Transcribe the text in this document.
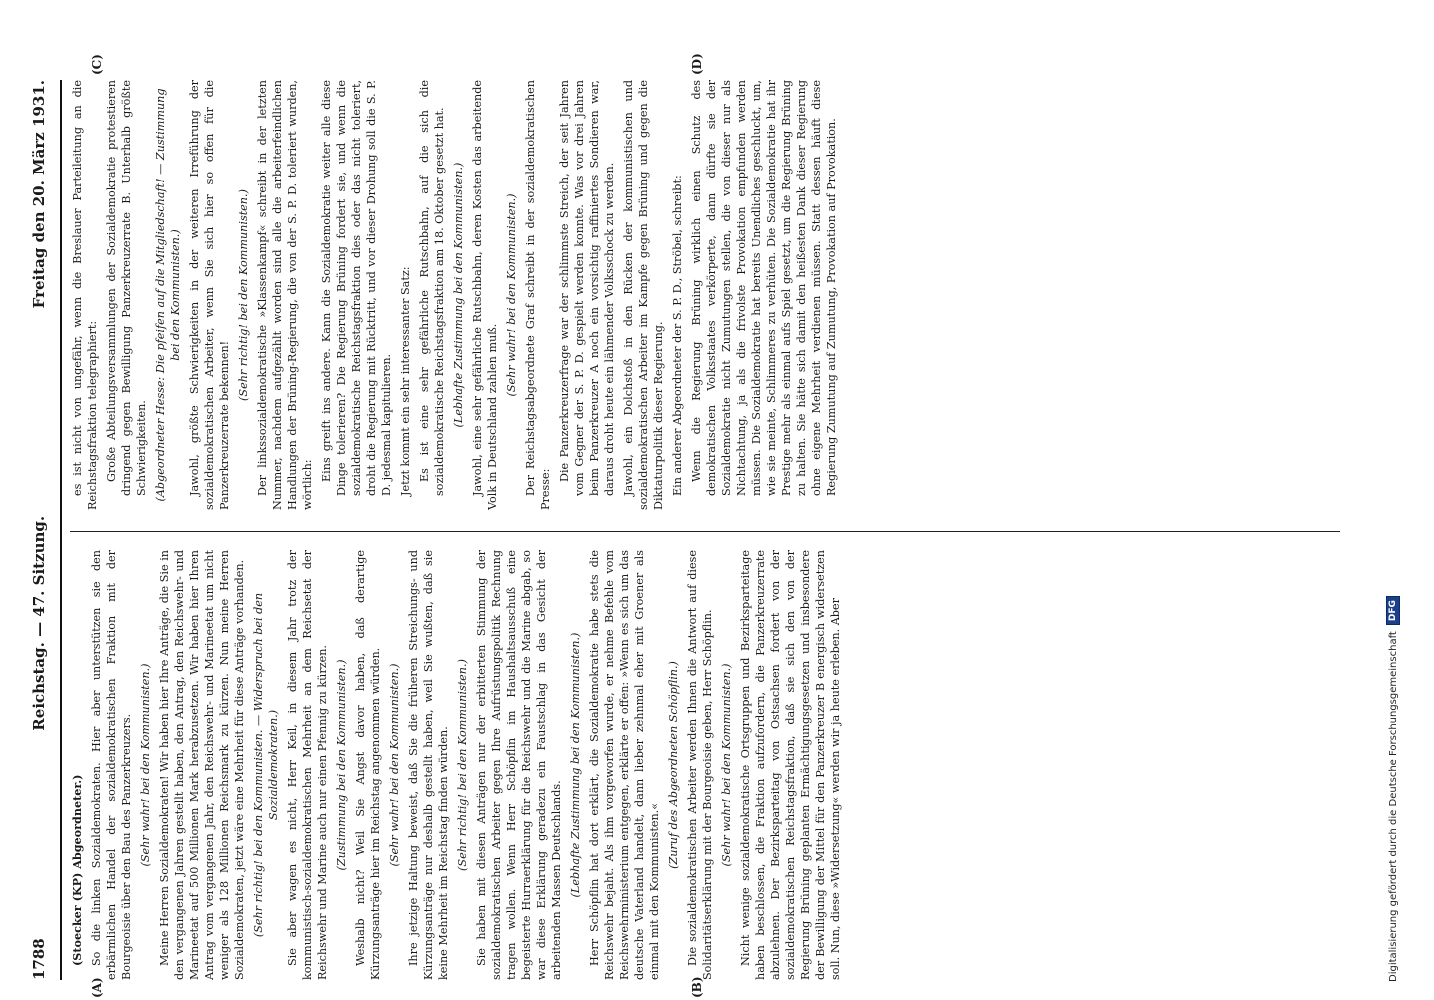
1788
Reichstag. — 47. Sitzung.
Freitag den 20. März 1931.

(Stoecker (KP) Abgeordneter.) So die linken Sozialdemokraten. Hier aber unterstützen sie den erbärmlichen Handel der sozialdemokratischen Fraktion mit der Bourgeoisie über den Bau des Panzerkreuzers. (Sehr wahr! bei den Kommunisten.) Meine Herren Sozialdemokraten! Wir haben hier Ihre Anträge, die Sie in den vergangenen Jahren gestellt haben, den Antrag, den Reichswehr- und Marineetat auf 500 Millionen Mark herabzusetzen. Wir haben hier Ihren Antrag vom vergangenen Jahr, den Reichswehr- und Marineetat um nicht weniger als 128 Millionen Reichsmark zu kürzen. Nun meine Herren Sozialdemokraten, jetzt wäre eine Mehrheit für diese Anträge vorhanden. (Sehr richtig! bei den Kommunisten. — Widerspruch bei den Sozialdemokraten.) Sie aber wagen es nicht, Herr Keil, in diesem Jahr trotz der kommunistisch-sozialdemokratischen Mehrheit an dem Reichsetat der Reichswehr und Marine auch nur einen Pfennig zu kürzen. (Zustimmung bei den Kommunisten.) Weshalb nicht? Weil Sie Angst davor haben, daß derartige Kürzungsanträge hier im Reichstag angenommen würden. (Sehr wahr! bei den Kommunisten.) Ihre jetzige Haltung beweist, daß Sie die früheren Streichungs- und Kürzungsanträge nur deshalb gestellt haben, weil Sie wußten, daß sie keine Mehrheit im Reichstag finden würden. (Sehr richtig! bei den Kommunisten.) Sie haben mit diesen Anträgen nur der erbitterten Stimmung der sozialdemokratischen Arbeiter gegen Ihre Aufrüstungspolitik Rechnung tragen wollen. Wenn Herr Schöpflin im Haushaltsausschuß eine begeisterte Hurraerklärung für die Reichswehr und die Marine abgab, so war diese Erklärung geradezu ein Faustschlag in das Gesicht der arbeitenden Massen Deutschlands. (Lebhafte Zustimmung bei den Kommunisten.) Herr Schöpflin hat dort erklärt, die Sozialdemokratie habe stets die Reichswehr bejaht. Als ihm vorgeworfen wurde, er nehme Befehle vom Reichswehrministerium entgegen, erklärte er offen: »Wenn es sich um das deutsche Vaterland handelt, dann lieber zehnmal eher mit Groener als einmal mit den Kommunisten.«

(Zuruf des Abgeordneten Schöpflin.) Die sozialdemokratischen Arbeiter werden Ihnen die Antwort auf diese Solidaritätserklärung mit der Bourgeoisie geben, Herr Schöpflin. (Sehr wahr! bei den Kommunisten.) Nicht wenige sozialdemokratische Ortsgruppen und Bezirksparteitage haben beschlossen, die Fraktion aufzufordern, die Panzerkreuzerrate abzulehnen. Der Bezirksparteitag von Ostsachsen fordert von der sozialdemokratischen Reichstagsfraktion, daß sie sich den von der Regierung Brüning geplanten Ermächtigungsgesetzen und insbesondere der Bewilligung der Mittel für den Panzerkreuzer B energisch widersetzen soll. Nun, diese »Widersetzung« werden wir ja heute erleben. Aber

es ist nicht von ungefähr, wenn die Breslauer Parteileitung an die Reichstagsfraktion telegraphiert: Große Abteilungsversammlungen der Sozialdemokratie protestieren dringend gegen Bewilligung Panzerkreuzerrate B. Unterhalb größte Schwierigkeiten. (Abgeordneter Hesse: Die pfeifen auf die Mitgliedschaft! — Zustimmung bei den Kommunisten.) Jawohl, größte Schwierigkeiten in der weiteren Irreführung der sozialdemokratischen Arbeiter, wenn Sie sich hier so offen für die Panzerkreuzerrate bekennen!

(Sehr richtig! bei den Kommunisten.) Der linkssozialdemokratische »Klassenkampf« schreibt in der letzten Nummer, nachdem aufgezählt worden sind alle die arbeiterfeindlichen Handlungen der Brüning-Regierung, die von der S. P. D. toleriert wurden, wörtlich:

Eins greift ins andere. Kann die Sozialdemokratie weiter alle diese Dinge tolerieren? Die Regierung Brüning fordert sie, und wenn die sozialdemokratische Reichstagsfraktion dies oder das nicht toleriert, droht die Regierung mit Rücktritt, und vor dieser Drohung soll die S. P. D. jedesmal kapitulieren. Jetzt kommt ein sehr interessanter Satz: Es ist eine sehr gefährliche Rutschbahn, auf die sich die sozialdemokratische Reichstagsfraktion am 18. Oktober gesetzt hat. (Lebhafte Zustimmung bei den Kommunisten.) Jawohl, eine sehr gefährliche Rutschbahn, deren Kosten das arbeitende Volk in Deutschland zahlen muß.

(Sehr wahr! bei den Kommunisten.) Der Reichstagsabgeordnete Graf schreibt in der sozialdemokratischen Presse:

Die Panzerkreuzerfrage war der schlimmste Streich, der seit Jahren vom Gegner der S. P. D. gespielt werden konnte. Was vor drei Jahren beim Panzerkreuzer A noch ein vorsichtig raffiniertes Sondieren war, daraus droht heute ein lähmender Volksschock zu werden. Jawohl, ein Dolchstoß in den Rücken der kommunistischen und sozialdemokratischen Arbeiter im Kampfe gegen Brüning und gegen die Diktaturpolitik dieser Regierung. Ein anderer Abgeordneter der S. P. D., Ströbel, schreibt: Wenn die Regierung Brüning wirklich einen Schutz des demokratischen Volksstaates verkörperte, dann dürfte sie der Sozialdemokratie nicht Zumutungen stellen, die von dieser nur als Nichtachtung, ja als die frivolste Provokation empfunden werden müssen. Die Sozialdemokratie hat bereits Unendliches geschluckt, um, wie sie meinte, Schlimmeres zu verhüten. Die Sozialdemokratie hat ihr Prestige mehr als einmal aufs Spiel gesetzt, um die Regierung Brüning zu halten. Sie hätte sich damit den heißesten Dank dieser Regierung ohne eigene Mehrheit verdienen müssen. Statt dessen häuft diese Regierung Zumutung auf Zumutung, Provokation auf Provokation.

(A)	(B)
(C)	(D)
Digitalisierung gefördert durch die Deutsche Forschungsgemeinschaft
DFG
